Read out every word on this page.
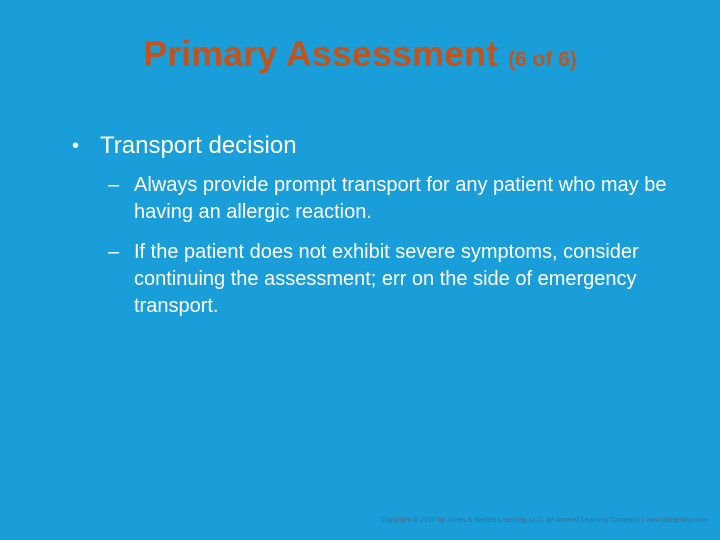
Primary Assessment (6 of 6)
• Transport decision
– Always provide prompt transport for any patient who may be having an allergic reaction.
– If the patient does not exhibit severe symptoms, consider continuing the assessment; err on the side of emergency transport.
Copyright © 2017 by Jones & Bartlett Learning, LLC, an Ascend Learning Company | www.jblearning.com
